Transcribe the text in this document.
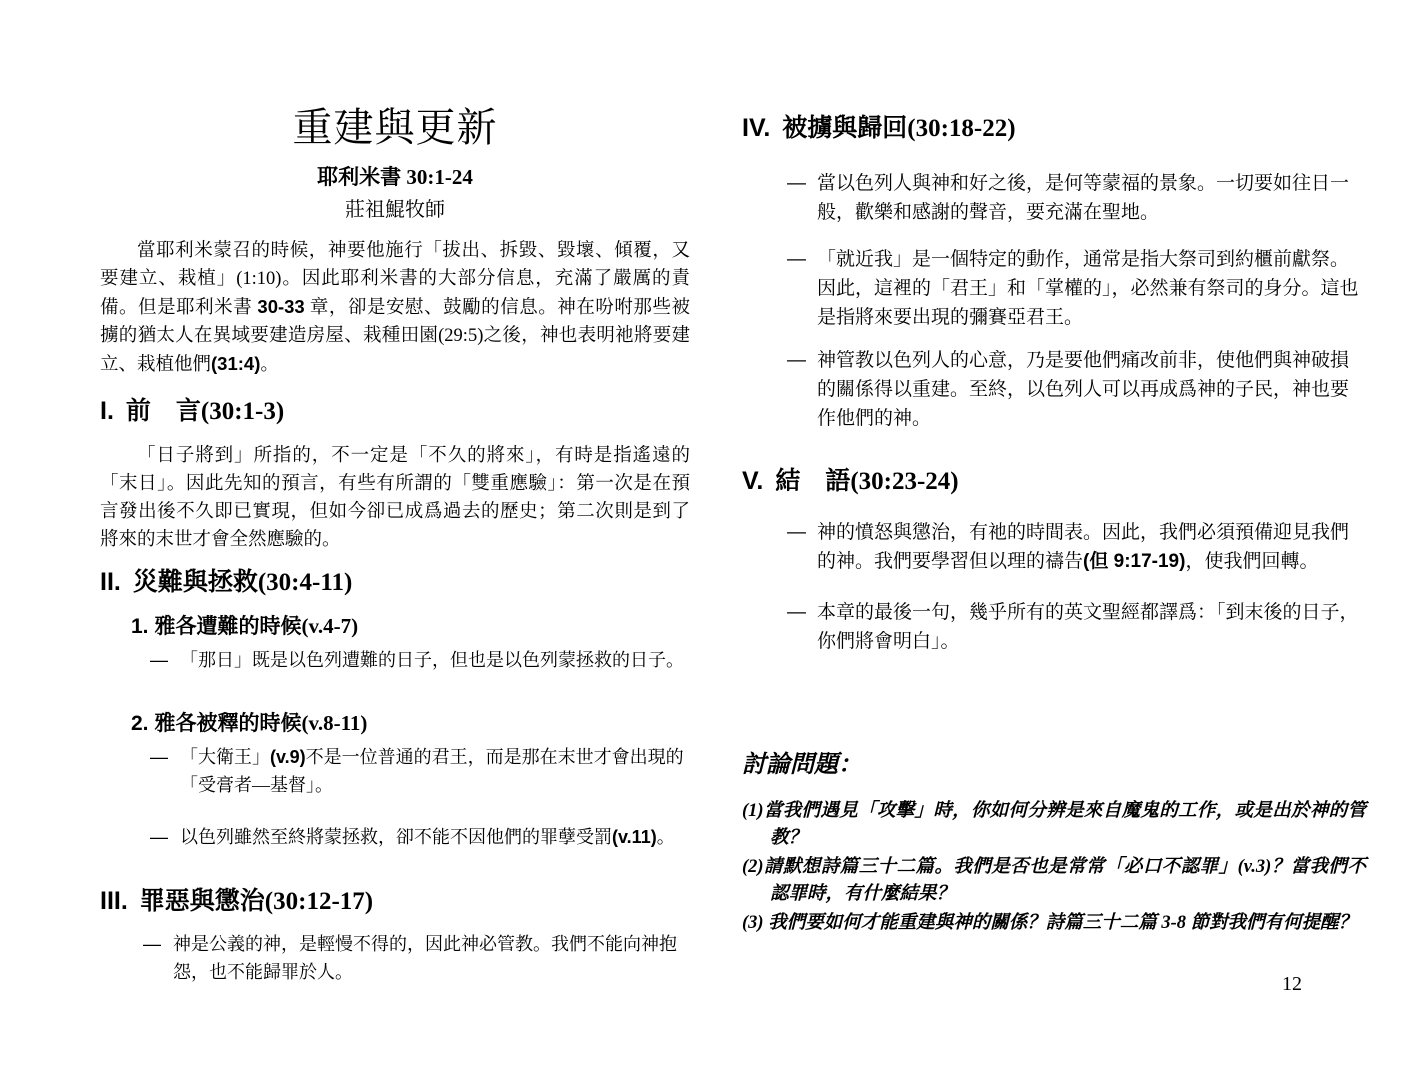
重建與更新
耶利米書 30:1-24
莊祖鯤牧師
當耶利米蒙召的時候，神要他施行「拔出、拆毀、毀壞、傾覆，又要建立、栽植」(1:10)。因此耶利米書的大部分信息，充滿了嚴厲的責備。但是耶利米書 30-33 章，卻是安慰、鼓勵的信息。神在吩咐那些被擄的猶太人在異域要建造房屋、栽種田園(29:5)之後，神也表明祂將要建立、栽植他們(31:4)。
I. 前　言(30:1-3)
「日子將到」所指的，不一定是「不久的將來」，有時是指遙遠的「末日」。因此先知的預言，有些有所謂的「雙重應驗」：第一次是在預言發出後不久即已實現，但如今卻已成爲過去的歷史；第二次則是到了將來的末世才會全然應驗的。
II. 災難與拯救(30:4-11)
1. 雅各遭難的時候(v.4-7)
— 「那日」既是以色列遭難的日子，但也是以色列蒙拯救的日子。
2. 雅各被釋的時候(v.8-11)
— 「大衛王」(v.9)不是一位普通的君王，而是那在末世才會出現的「受膏者—基督」。
— 以色列雖然至終將蒙拯救，卻不能不因他們的罪孽受罰(v.11)。
III. 罪惡與懲治(30:12-17)
— 神是公義的神，是輕慢不得的，因此神必管教。我們不能向神抱怨，也不能歸罪於人。
IV. 被擄與歸回(30:18-22)
— 當以色列人與神和好之後，是何等蒙福的景象。一切要如往日一般，歡樂和感謝的聲音，要充滿在聖地。
— 「就近我」是一個特定的動作，通常是指大祭司到約櫃前獻祭。因此，這裡的「君王」和「掌權的」，必然兼有祭司的身分。這也是指將來要出現的彌賽亞君王。
— 神管教以色列人的心意，乃是要他們痛改前非，使他們與神破損的關係得以重建。至終，以色列人可以再成爲神的子民，神也要作他們的神。
V. 結　語(30:23-24)
— 神的憤怒與懲治，有祂的時間表。因此，我們必須預備迎見我們的神。我們要學習但以理的禱告(但 9:17-19)，使我們回轉。
— 本章的最後一句，幾乎所有的英文聖經都譯爲：「到末後的日子，你們將會明白」。
討論問題：
(1)當我們遇見「攻擊」時，你如何分辨是來自魔鬼的工作，或是出於神的管教？
(2)請默想詩篇三十二篇。我們是否也是常常「必口不認罪」(v.3)？當我們不認罪時，有什麼結果？
(3) 我們要如何才能重建與神的關係？詩篇三十二篇 3-8 節對我們有何提醒？
12
